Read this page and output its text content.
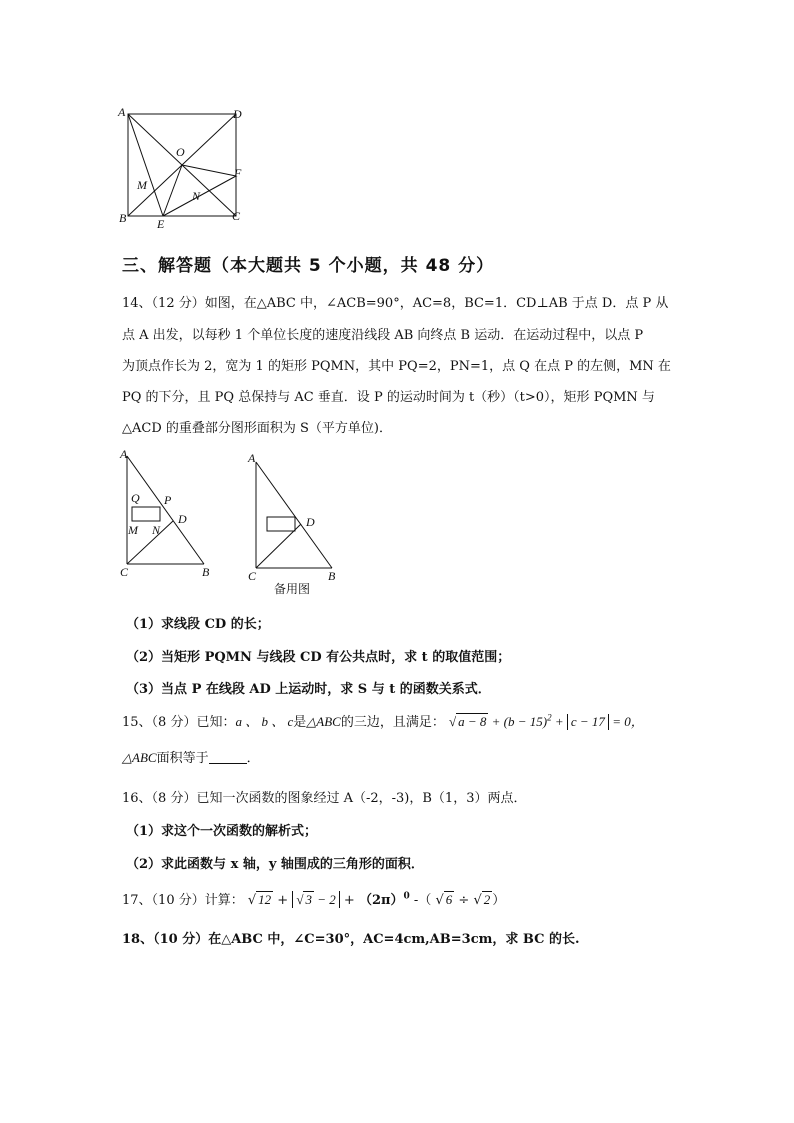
A	D
O
F
M
N
B	E
C
三、解答题（本大题共 5 个小题，共 48 分）
14、（12 分）如图，在△ABC 中，∠ACB=90°，AC=8，BC=1．CD⊥AB 于点 D．点 P 从
点 A 出发，以每秒 1 个单位长度的速度沿线段 AB 向终点 B 运动．在运动过程中，以点 P
为顶点作长为 2，宽为 1 的矩形 PQMN，其中 PQ=2，PN=1，点 Q 在点 P 的左侧，MN 在
PQ 的下分，且 PQ 总保持与 AC 垂直．设 P 的运动时间为 t（秒）（t>0），矩形 PQMN 与
△ACD 的重叠部分图形面积为 S（平方单位)．
A
Q P
D
M N
C	B
A
D
C	B
备用图
（1）求线段 CD 的长；
（2）当矩形 PQMN 与线段 CD 有公共点时，求 t 的取值范围；
（3）当点 P 在线段 AD 上运动时，求 S 与 t 的函数关系式．
15、（8 分）已知：a 、 b 、 c是△ABC的三边，且满足： √ $a - 8 + (b - 15)^2 + c - 17 = 0$，
△ABC面积等于	．
16、（8 分）已知一次函数的图象经过 A（-2，-3)，B（1，3）两点．
（1）求这个一次函数的解析式；
（2）求此函数与 x 轴，y 轴围成的三角形的面积．
17、（10 分）计算： √ 12 + √ $3 - 2 + (2\pi)^0$ -（ √ 6 ÷ √ 2 ）
18、（10 分）在△ABC 中，∠C=30°，AC=4cm,AB=3cm，求 BC 的长.
